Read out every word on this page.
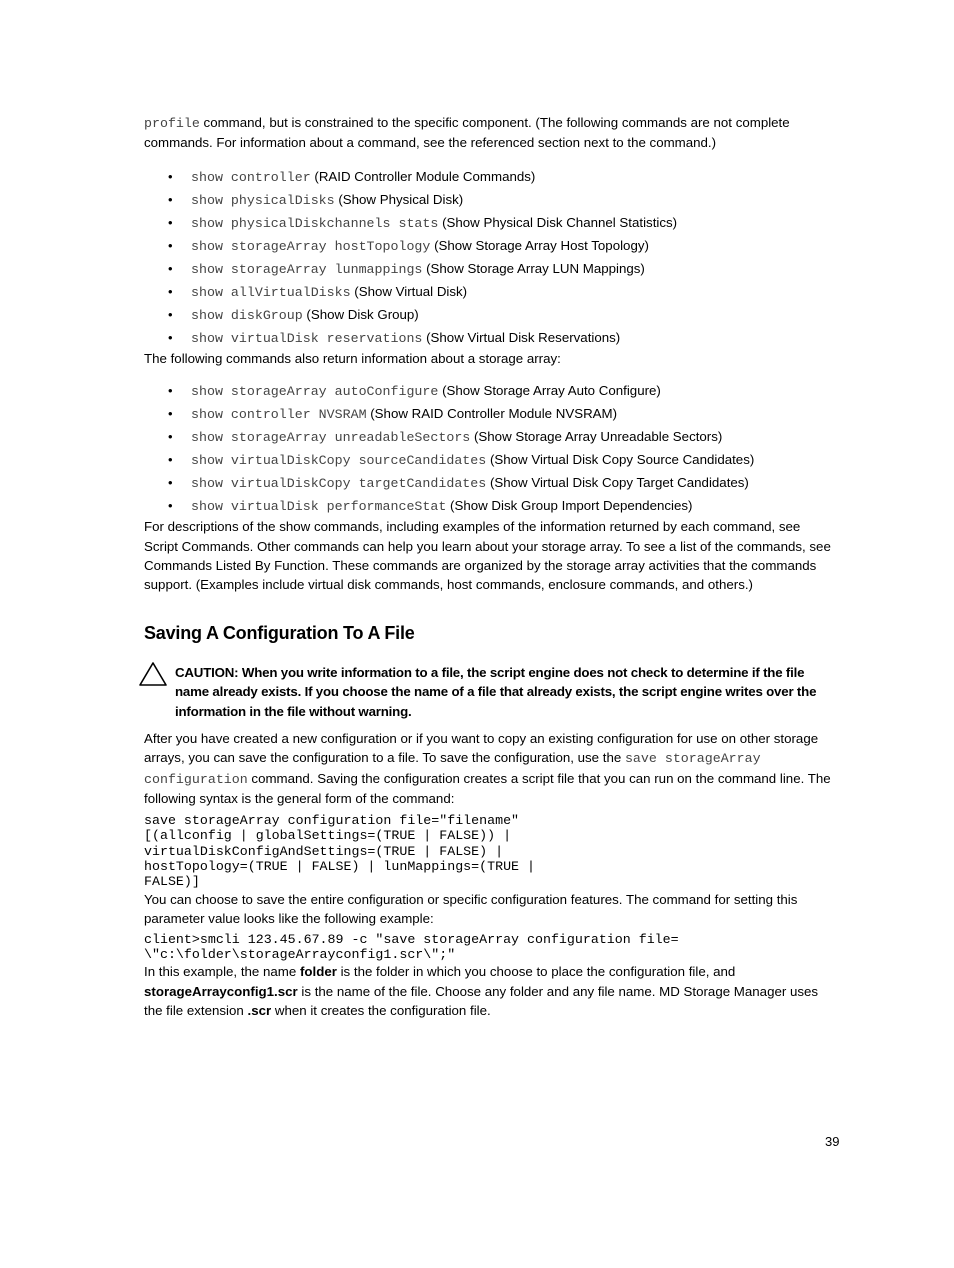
profile command, but is constrained to the specific component. (The following commands are not complete commands. For information about a command, see the referenced section next to the command.)

• show controller (RAID Controller Module Commands)
• show physicalDisks (Show Physical Disk)
• show physicalDiskchannels stats (Show Physical Disk Channel Statistics)
• show storageArray hostTopology (Show Storage Array Host Topology)
• show storageArray lunmappings (Show Storage Array LUN Mappings)
• show allVirtualDisks (Show Virtual Disk)
• show diskGroup (Show Disk Group)
• show virtualDisk reservations (Show Virtual Disk Reservations)

The following commands also return information about a storage array:

• show storageArray autoConfigure (Show Storage Array Auto Configure)
• show controller NVSRAM (Show RAID Controller Module NVSRAM)
• show storageArray unreadableSectors (Show Storage Array Unreadable Sectors)
• show virtualDiskCopy sourceCandidates (Show Virtual Disk Copy Source Candidates)
• show virtualDiskCopy targetCandidates (Show Virtual Disk Copy Target Candidates)
• show virtualDisk performanceStat (Show Disk Group Import Dependencies)

For descriptions of the show commands, including examples of the information returned by each command, see Script Commands. Other commands can help you learn about your storage array. To see a list of the commands, see Commands Listed By Function. These commands are organized by the storage array activities that the commands support. (Examples include virtual disk commands, host commands, enclosure commands, and others.)

Saving A Configuration To A File

CAUTION: When you write information to a file, the script engine does not check to determine if the file name already exists. If you choose the name of a file that already exists, the script engine writes over the information in the file without warning.

After you have created a new configuration or if you want to copy an existing configuration for use on other storage arrays, you can save the configuration to a file. To save the configuration, use the save storageArray configuration command. Saving the configuration creates a script file that you can run on the command line. The following syntax is the general form of the command:

save storageArray configuration file="filename"
[(allconfig | globalSettings=(TRUE | FALSE)) |
virtualDiskConfigAndSettings=(TRUE | FALSE) |
hostTopology=(TRUE | FALSE) | lunMappings=(TRUE |
FALSE)]

You can choose to save the entire configuration or specific configuration features. The command for setting this parameter value looks like the following example:

client>smcli 123.45.67.89 -c "save storageArray configuration file=
\"c:\folder\storageArrayconfig1.scr\";"

In this example, the name folder is the folder in which you choose to place the configuration file, and storageArrayconfig1.scr is the name of the file. Choose any folder and any file name. MD Storage Manager uses the file extension .scr when it creates the configuration file.

39
